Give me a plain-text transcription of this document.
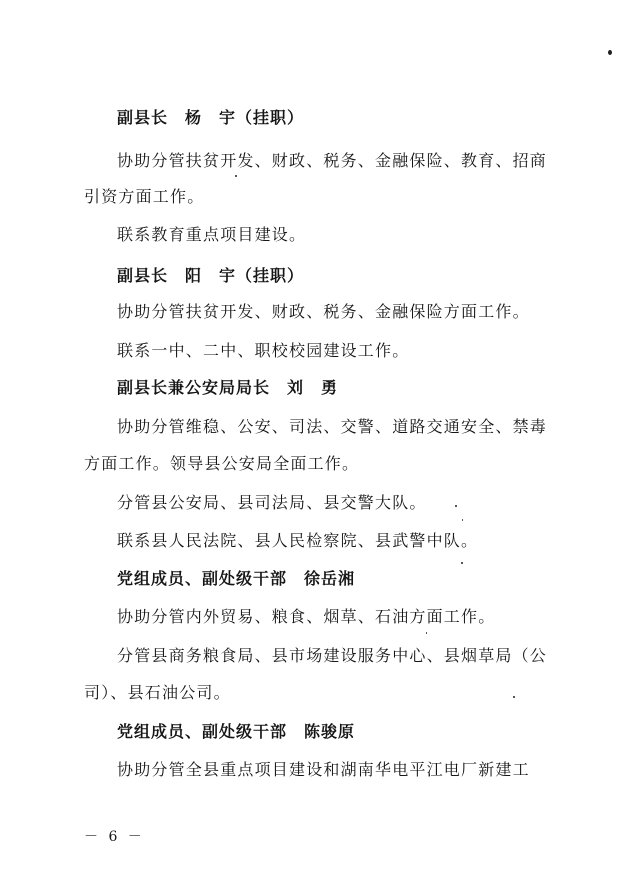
副县长　杨　宇（挂职）
协助分管扶贫开发、财政、税务、金融保险、教育、招商
引资方面工作。
联系教育重点项目建设。
副县长　阳　宇（挂职）
协助分管扶贫开发、财政、税务、金融保险方面工作。
联系一中、二中、职校校园建设工作。
副县长兼公安局局长　刘　勇
协助分管维稳、公安、司法、交警、道路交通安全、禁毒
方面工作。领导县公安局全面工作。
分管县公安局、县司法局、县交警大队。
联系县人民法院、县人民检察院、县武警中队。
党组成员、副处级干部　徐岳湘
协助分管内外贸易、粮食、烟草、石油方面工作。
分管县商务粮食局、县市场建设服务中心、县烟草局（公
司）、县石油公司。
党组成员、副处级干部　陈骏原
协助分管全县重点项目建设和湖南华电平江电厂新建工
－ 6 －
